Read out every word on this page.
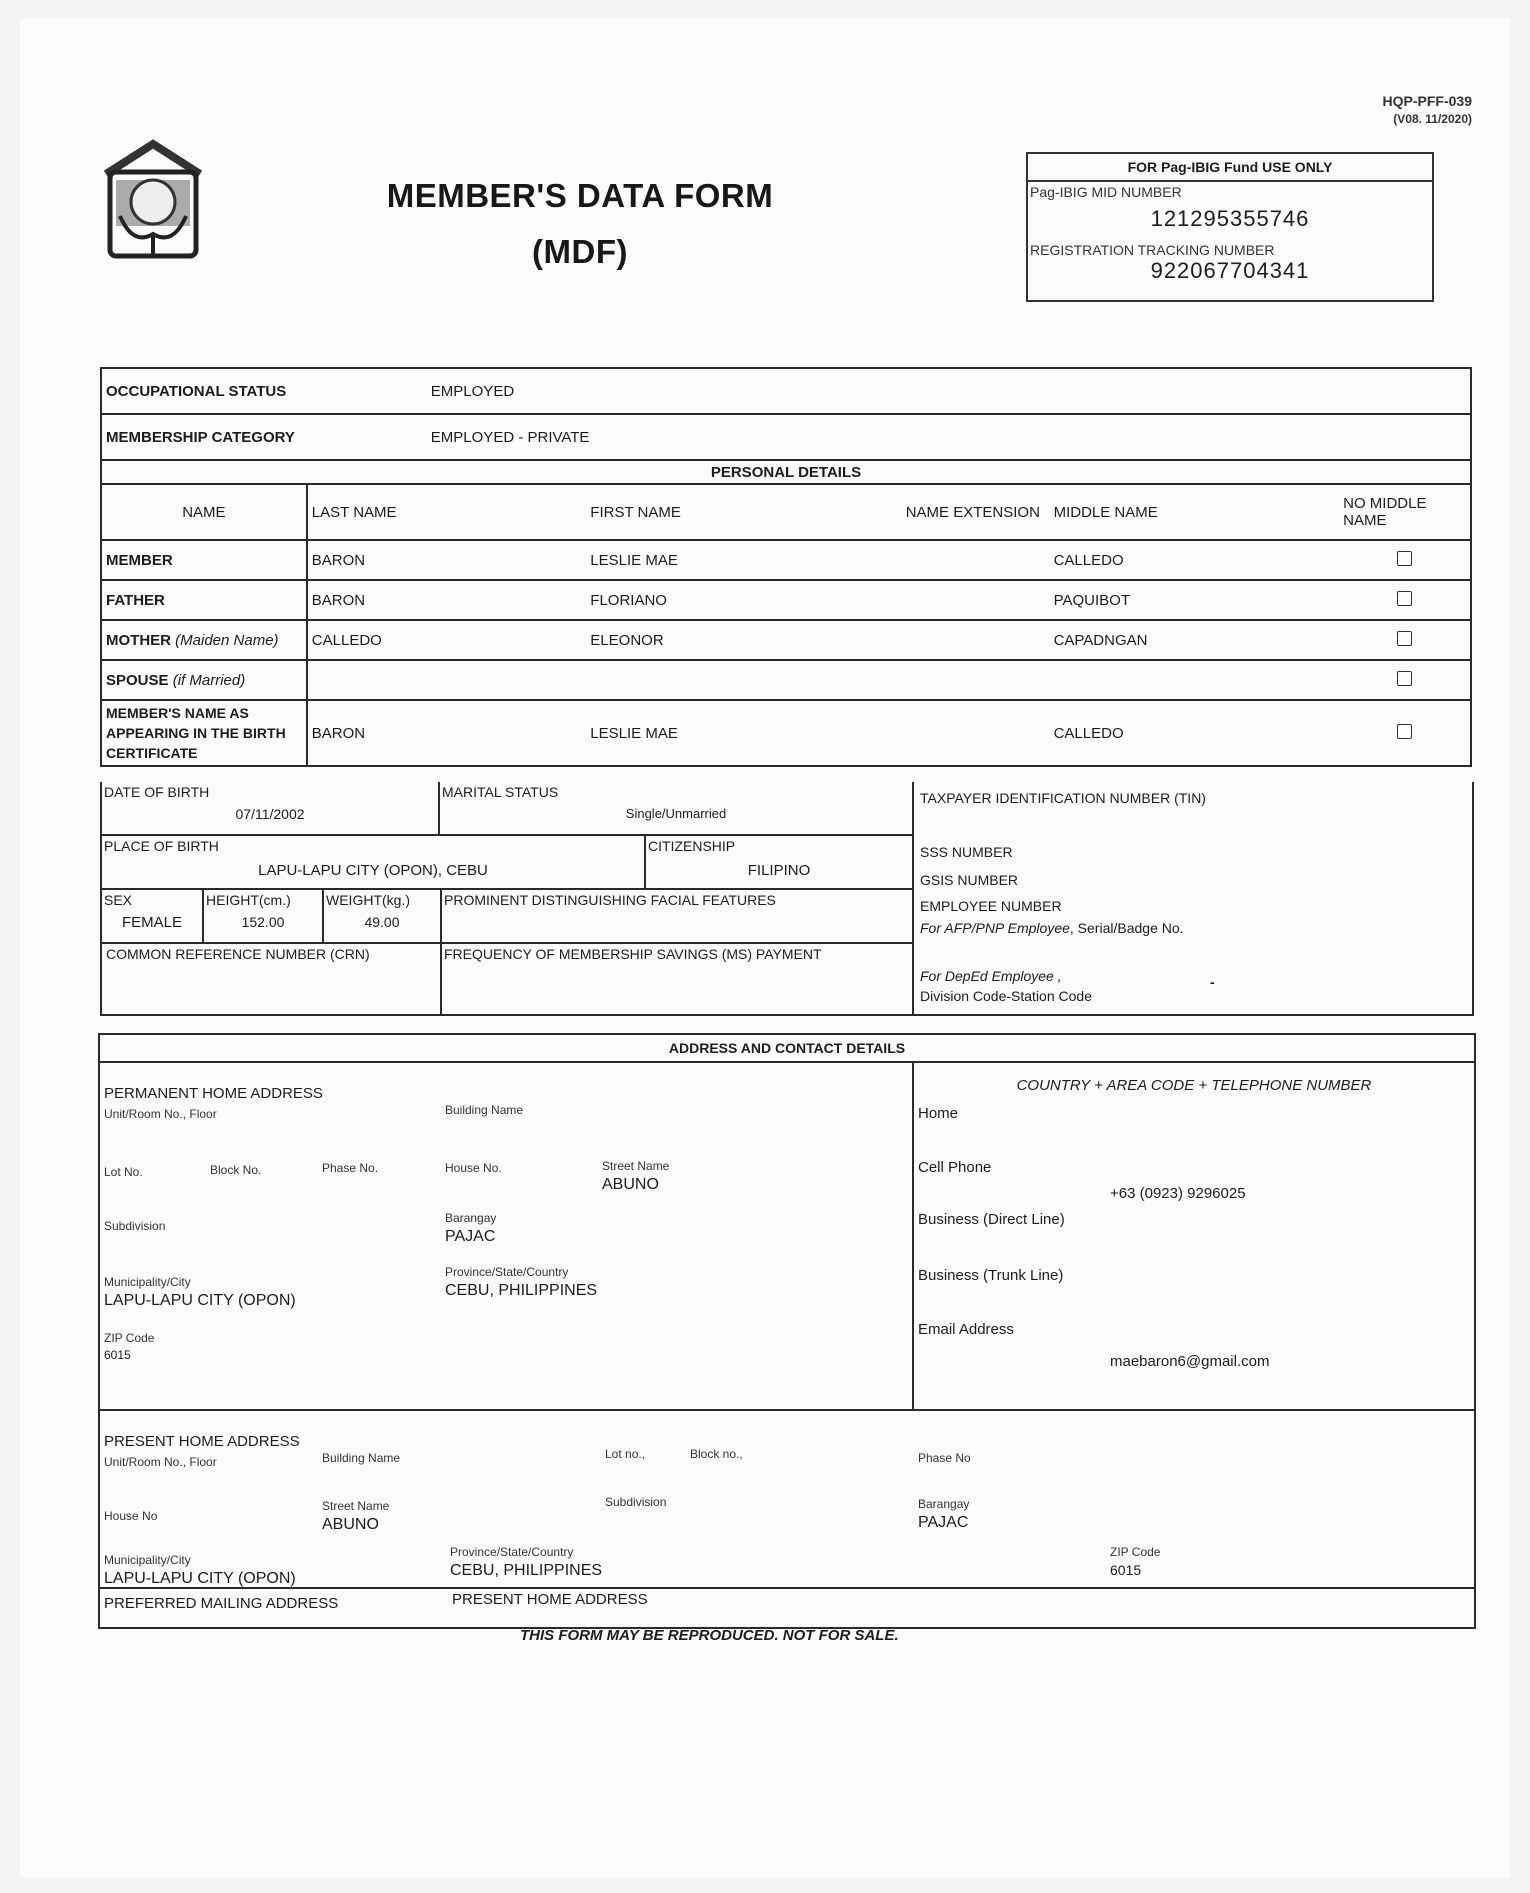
HQP-PFF-039
(V08. 11/2020)
MEMBER'S DATA FORM
(MDF)
FOR Pag-IBIG Fund USE ONLY
Pag-IBIG MID NUMBER
121295355746
REGISTRATION TRACKING NUMBER
922067704341
OCCUPATIONAL STATUS	EMPLOYED				
MEMBERSHIP CATEGORY	EMPLOYED - PRIVATE				
PERSONAL DETAILS					
NAME	LAST NAME	FIRST NAME	NAME EXTENSION	MIDDLE NAME	NO MIDDLE NAME
MEMBER	BARON	LESLIE MAE		CALLEDO	
FATHER	BARON	FLORIANO		PAQUIBOT	
MOTHER (Maiden Name)	CALLEDO	ELEONOR		CAPADNGAN	
SPOUSE (if Married)					
MEMBER'S NAME AS APPEARING IN THE BIRTH CERTIFICATE	BARON	LESLIE MAE		CALLEDO	
DATE OF BIRTH
07/11/2002
MARITAL STATUS
Single/Unmarried
PLACE OF BIRTH
LAPU-LAPU CITY (OPON), CEBU
CITIZENSHIP
FILIPINO
SEX
FEMALE
HEIGHT(cm.)
152.00
WEIGHT(kg.)
49.00
PROMINENT DISTINGUISHING FACIAL FEATURES
COMMON REFERENCE NUMBER (CRN)	FREQUENCY OF MEMBERSHIP SAVINGS (MS) PAYMENT
TAXPAYER IDENTIFICATION NUMBER (TIN)
SSS NUMBER
GSIS NUMBER
EMPLOYEE NUMBER
For AFP/PNP Employee, Serial/Badge No.
For DepEd Employee ,
Division Code-Station Code
-
ADDRESS AND CONTACT DETAILS
PERMANENT HOME ADDRESS
Unit/Room No., Floor	Building Name
Lot No.	Block No.	Phase No.	House No.	Street Name
ABUNO
Subdivision
Barangay
PAJAC
Municipality/City
LAPU-LAPU CITY (OPON)
Province/State/Country
CEBU, PHILIPPINES
ZIP Code
6015
COUNTRY + AREA CODE + TELEPHONE NUMBER
Home
Cell Phone
+63 (0923) 9296025
Business (Direct Line)
Business (Trunk Line)
Email Address
maebaron6@gmail.com
PRESENT HOME ADDRESS
Unit/Room No., Floor	Building Name	Lot no.,	Block no.,	Phase No
House No
Street Name
ABUNO
Subdivision	Barangay
PAJAC
Municipality/City
LAPU-LAPU CITY (OPON)
Province/State/Country
CEBU, PHILIPPINES
ZIP Code
6015
PREFERRED MAILING ADDRESS	PRESENT HOME ADDRESS
THIS FORM MAY BE REPRODUCED. NOT FOR SALE.
